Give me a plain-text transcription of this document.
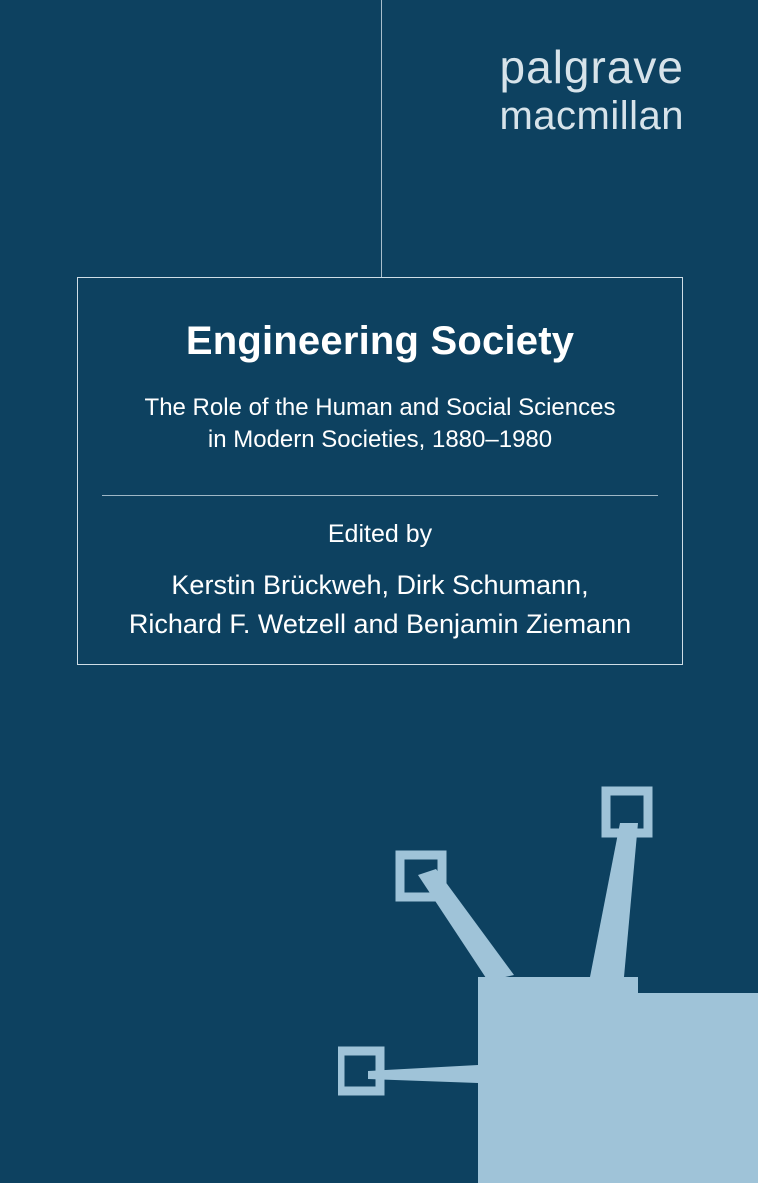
palgrave
macmillan
Engineering Society
The Role of the Human and Social Sciences
in Modern Societies, 1880–1980
Edited by
Kerstin Brückweh, Dirk Schumann,
Richard F. Wetzell and Benjamin Ziemann
